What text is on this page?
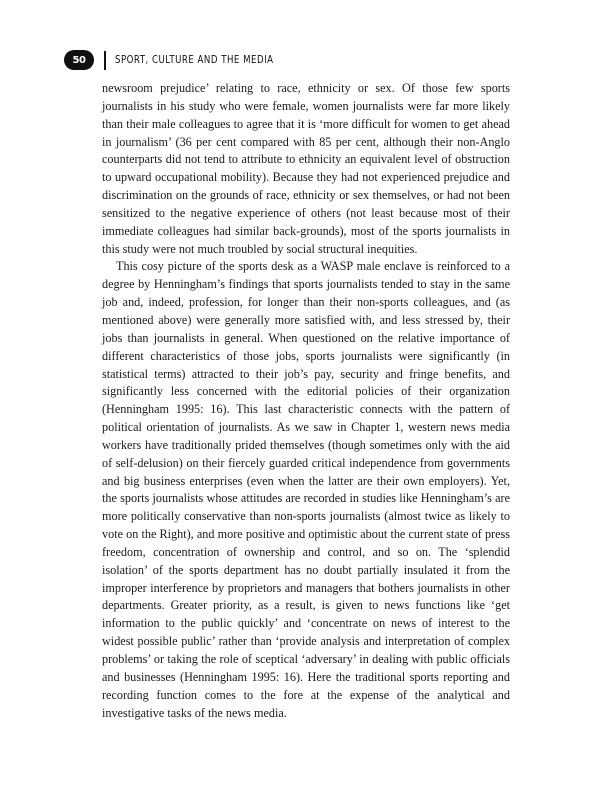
50	SPORT, CULTURE AND THE MEDIA

newsroom prejudice’ relating to race, ethnicity or sex. Of those few sports journalists in his study who were female, women journalists were far more likely than their male colleagues to agree that it is ‘more difficult for women to get ahead in journalism’ (36 per cent compared with 85 per cent, although their non-Anglo counterparts did not tend to attribute to ethnicity an equivalent level of obstruction to upward occupational mobility). Because they had not experienced prejudice and discrimination on the grounds of race, ethnicity or sex themselves, or had not been sensitized to the negative experience of others (not least because most of their immediate colleagues had similar back-grounds), most of the sports journalists in this study were not much troubled by social structural inequities.

This cosy picture of the sports desk as a WASP male enclave is reinforced to a degree by Henningham’s findings that sports journalists tended to stay in the same job and, indeed, profession, for longer than their non-sports colleagues, and (as mentioned above) were generally more satisfied with, and less stressed by, their jobs than journalists in general. When questioned on the relative importance of different characteristics of those jobs, sports journalists were significantly (in statistical terms) attracted to their job’s pay, security and fringe benefits, and significantly less concerned with the editorial policies of their organization (Henningham 1995: 16). This last characteristic connects with the pattern of political orientation of journalists. As we saw in Chapter 1, western news media workers have traditionally prided themselves (though sometimes only with the aid of self-delusion) on their fiercely guarded critical independence from governments and big business enterprises (even when the latter are their own employers). Yet, the sports journalists whose attitudes are recorded in studies like Henningham’s are more politically conservative than non-sports journalists (almost twice as likely to vote on the Right), and more positive and optimistic about the current state of press freedom, concentration of ownership and control, and so on. The ‘splendid isolation’ of the sports department has no doubt partially insulated it from the improper interference by proprietors and managers that bothers journalists in other departments. Greater priority, as a result, is given to news functions like ‘get information to the public quickly’ and ‘concentrate on news of interest to the widest possible public’ rather than ‘provide analysis and interpretation of complex problems’ or taking the role of sceptical ‘adversary’ in dealing with public officials and businesses (Henningham 1995: 16). Here the traditional sports reporting and recording function comes to the fore at the expense of the analytical and investigative tasks of the news media.
